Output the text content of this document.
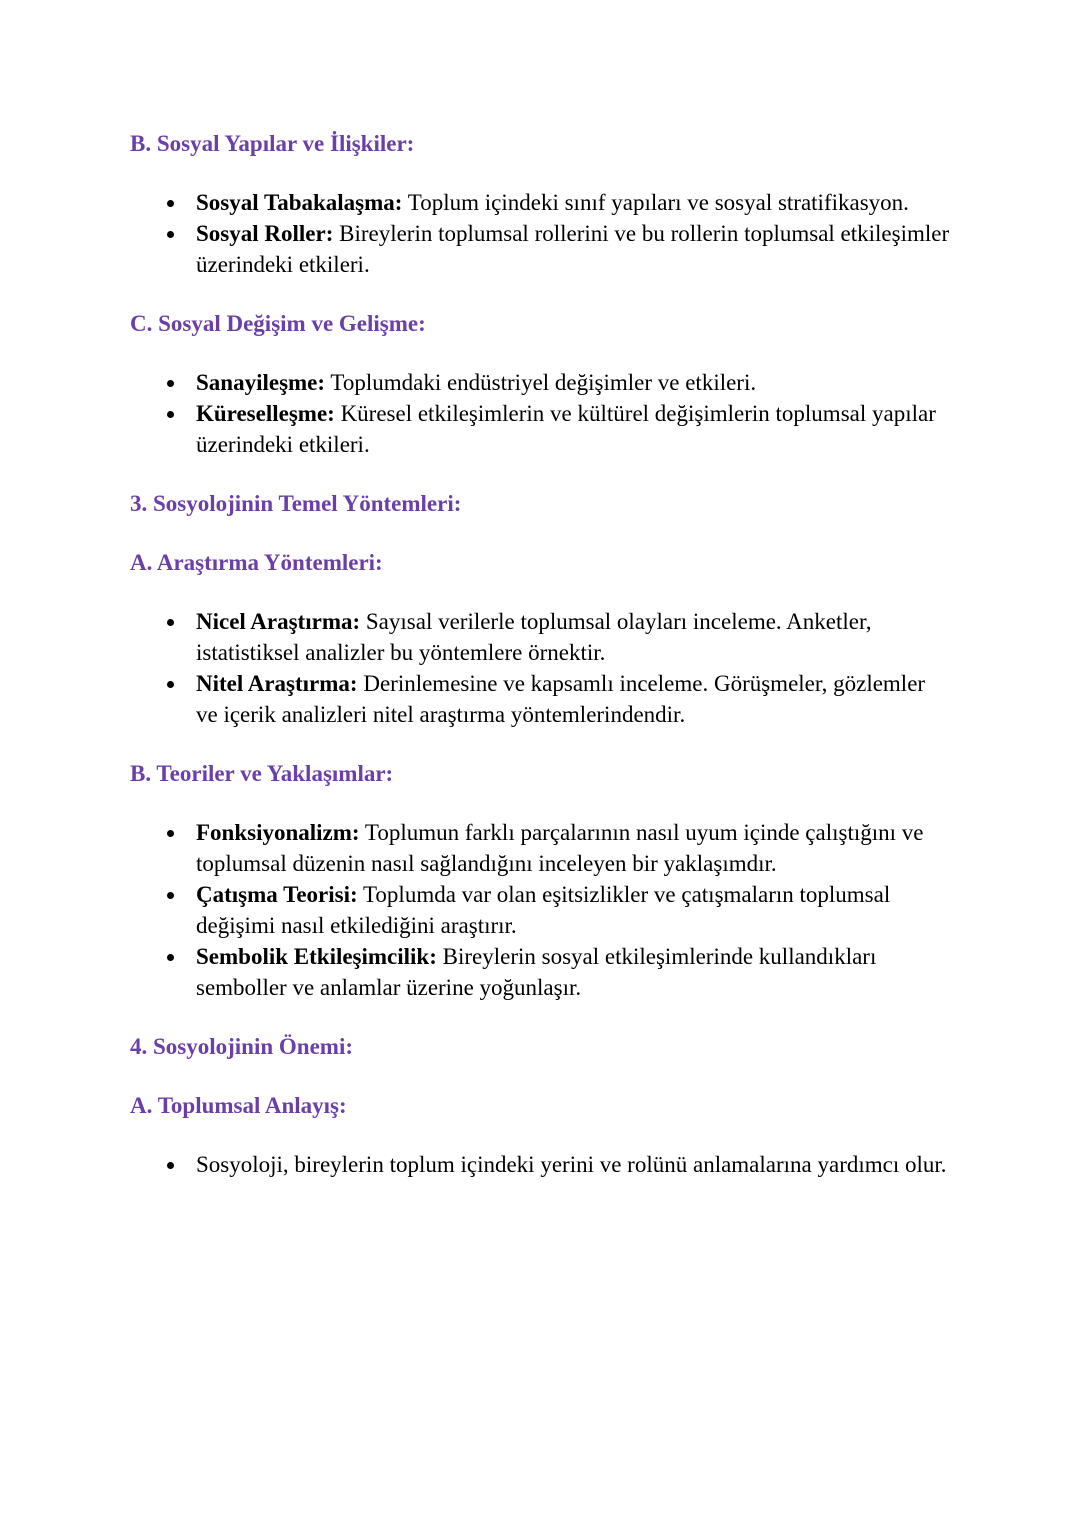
B. Sosyal Yapılar ve İlişkiler:
Sosyal Tabakalaşma: Toplum içindeki sınıf yapıları ve sosyal stratifikasyon.
Sosyal Roller: Bireylerin toplumsal rollerini ve bu rollerin toplumsal etkileşimler üzerindeki etkileri.
C. Sosyal Değişim ve Gelişme:
Sanayileşme: Toplumdaki endüstriyel değişimler ve etkileri.
Küreselleşme: Küresel etkileşimlerin ve kültürel değişimlerin toplumsal yapılar üzerindeki etkileri.
3. Sosyolojinin Temel Yöntemleri:
A. Araştırma Yöntemleri:
Nicel Araştırma: Sayısal verilerle toplumsal olayları inceleme. Anketler, istatistiksel analizler bu yöntemlere örnektir.
Nitel Araştırma: Derinlemesine ve kapsamlı inceleme. Görüşmeler, gözlemler ve içerik analizleri nitel araştırma yöntemlerindendir.
B. Teoriler ve Yaklaşımlar:
Fonksiyonalizm: Toplumun farklı parçalarının nasıl uyum içinde çalıştığını ve toplumsal düzenin nasıl sağlandığını inceleyen bir yaklaşımdır.
Çatışma Teorisi: Toplumda var olan eşitsizlikler ve çatışmaların toplumsal değişimi nasıl etkilediğini araştırır.
Sembolik Etkileşimcilik: Bireylerin sosyal etkileşimlerinde kullandıkları semboller ve anlamlar üzerine yoğunlaşır.
4. Sosyolojinin Önemi:
A. Toplumsal Anlayış:
Sosyoloji, bireylerin toplum içindeki yerini ve rolünü anlamalarına yardımcı olur.
